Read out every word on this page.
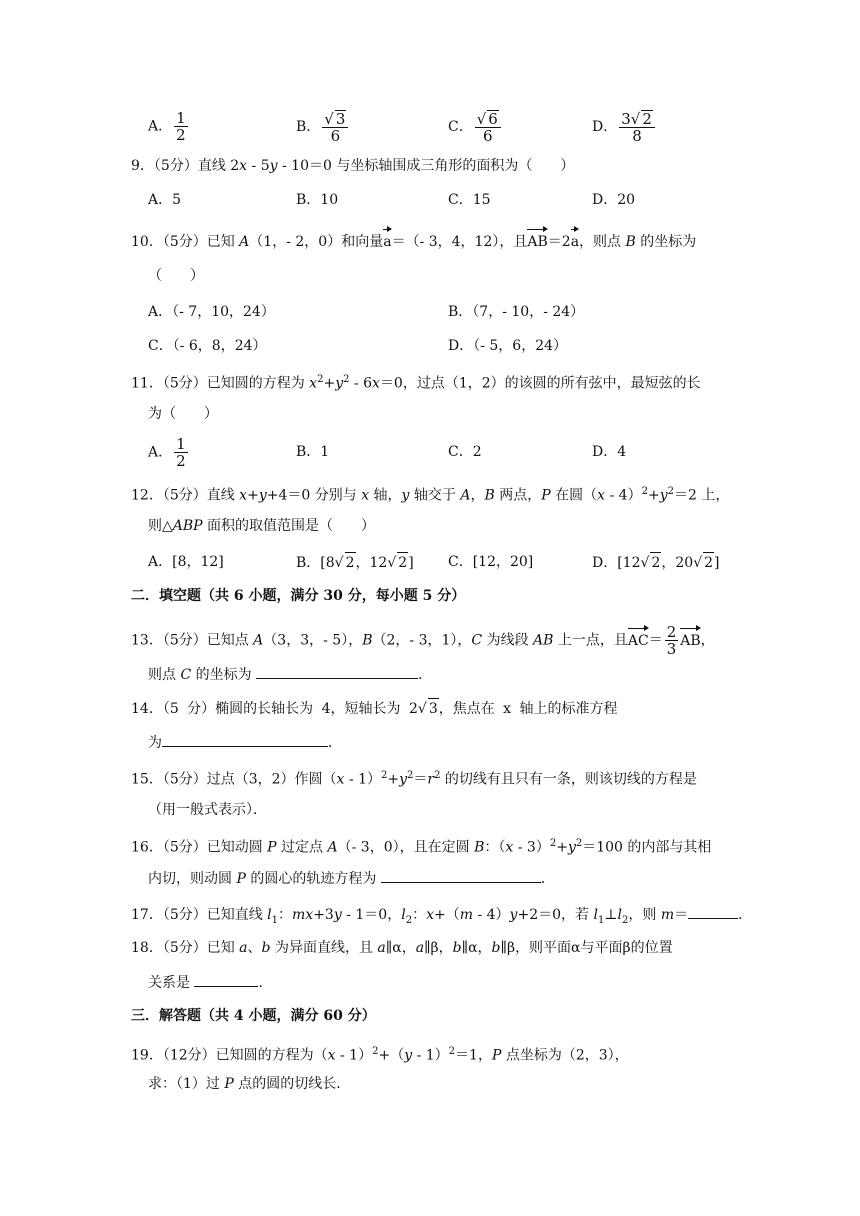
A． $\frac{1}{2}$	B． $\frac{√ 3}{6}$	C． $\frac{√ 6}{6}$	D． $\frac{3√ 2}{8}$
9．（5分）直线 2x - 5y - 10＝0 与坐标轴围成三角形的面积为（　　）
A．5	B．10	C．15	D．20
10．（5分）已知 A（1，- 2，0）和向量a＝（- 3，4，12），且AB＝2a，则点 B 的坐标为
（　　）
A．（- 7，10，24）	B．（7，- 10，- 24）
C．（- 6，8，24）	D．（- 5，6，24）
11．（5分）已知圆的方程为 $x^2+y^2 - 6x=0$，过点（1，2）的该圆的所有弦中，最短弦的长
为（　　）
A． $\frac{1}{2}$	B．1	C．2	D．4
12．（5分）直线 x+y+4＝0 分别与 x 轴，y 轴交于 A，B 两点，P 在圆$(x - 4)^2+y^2=2$ 上，
则△ABP 面积的取值范围是（　　）
A．[8，12]	B．[8√ 2，12√ 2] C．[12，20]	D．[12√ 2，20√ 2]
二．填空题（共 6 小题，满分 30 分，每小题 5 分）
13．（5分）已知点 A（3，3，- 5），B（2，- 3，1），C 为线段 AB 上一点，且$AC= \frac{2}{3}$ AB，
则点 C 的坐标为	．
14．（5 分）椭圆的长轴长为 4，短轴长为 2√ 3，焦点在 x 轴上的标准方程
为	．
15．（5分）过点（3，2）作圆$(x - 1)^2+y^2=r^2$ 的切线有且只有一条，则该切线的方程是
（用一般式表示）．
16．（5分）已知动圆 P 过定点 A（- 3，0），且在定圆 B：$(x - 3)^2+y^2=100$ 的内部与其相
内切，则动圆 P 的圆心的轨迹方程为	．
17．（5分）已知直线 $l_1$：mx+3y - 1＝0，$l_2$：x+（m - 4）y+2＝0，若 $l_1\perp l_2$，则 m＝	．
18．（5分）已知 a、b 为异面直线，且 a∥α，a∥β，b∥α，b∥β，则平面α与平面β的位置
关系是	．
三．解答题（共 4 小题，满分 60 分）
19．（12分）已知圆的方程为（x - 1）$^2$+（y - 1）$^2$＝1，P 点坐标为（2，3），
求：（1）过 P 点的圆的切线长．
